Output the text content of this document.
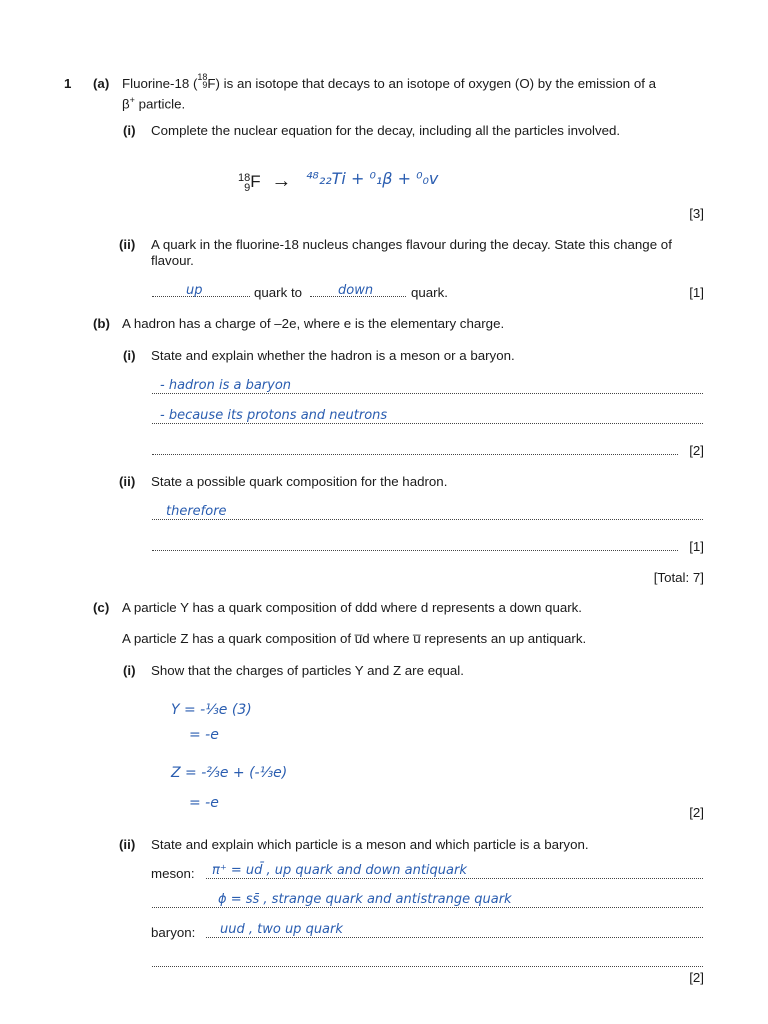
1 (a) Fluorine-18 ( 18
9 F) is an isotope that decays to an isotope of oxygen (O) by the emission of a
β+ particle.
(i) Complete the nuclear equation for the decay, including all the particles involved.
18
9 F → ⁴⁸₂₂Ti + ⁰₁β + ⁰₀v
[3]
(ii) A quark in the fluorine-18 nucleus changes flavour during the decay. State this change of
flavour.
up	quark to	down	quark.	[1]
(b) A hadron has a charge of –2e, where e is the elementary charge.
(i) State and explain whether the hadron is a meson or a baryon.
- hadron is a baryon
- because its protons and neutrons
[2]
(ii) State a possible quark composition for the hadron.
therefore
[1]
[Total: 7]
(c) A particle Y has a quark composition of ddd where d represents a down quark.
A particle Z has a quark composition of u̅d where u̅ represents an up antiquark.
(i) Show that the charges of particles Y and Z are equal.
Y = -⅓e (3)
= -e
Z = -⅔e + (-⅓e)
= -e
[2]
(ii) State and explain which particle is a meson and which particle is a baryon.
meson: π⁺ = ud̄ , up quark and down antiquark
ϕ = ss̄ , strange quark and antistrange quark
baryon: uud , two up quark
[2]
